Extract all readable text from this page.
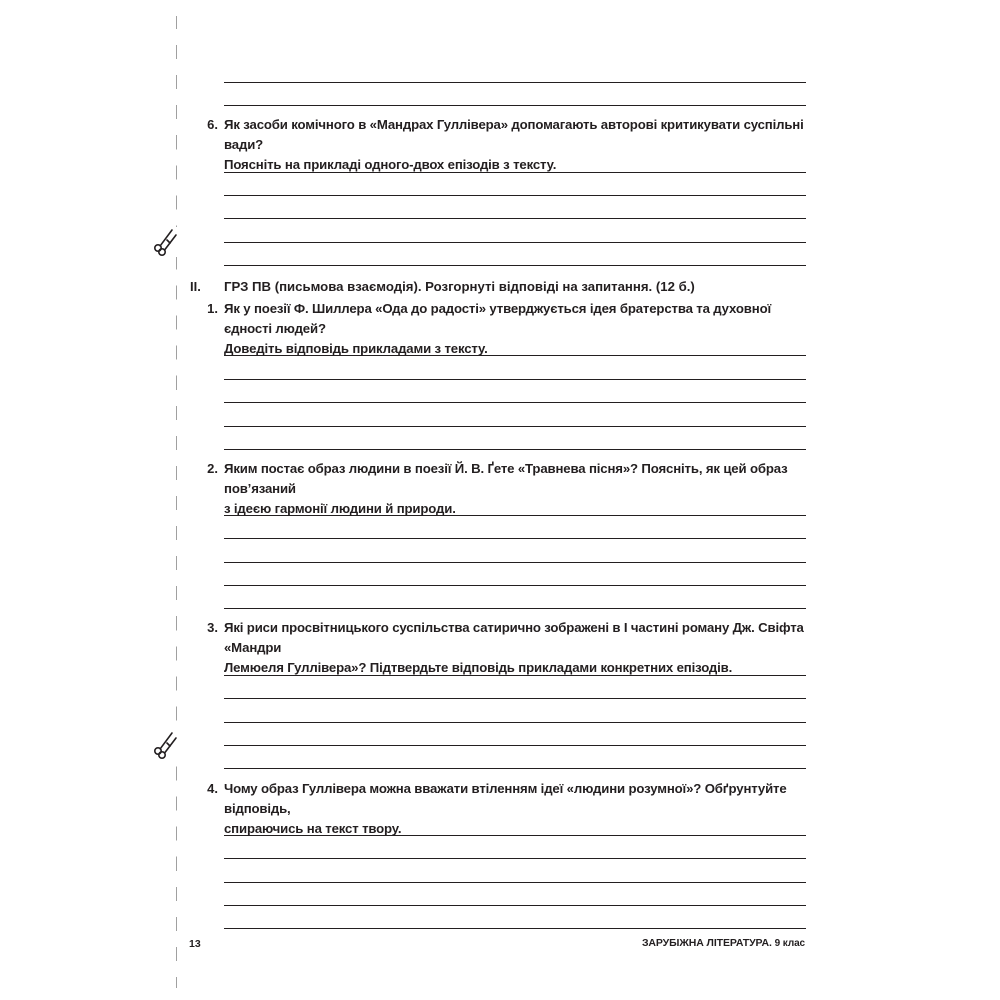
6. Як засоби комічного в «Мандрах Гуллівера» допомагають авторові критикувати суспільні вади?
Поясніть на прикладі одного-двох епізодів з тексту.
II. ГРЗ ПВ (письмова взаємодія). Розгорнуті відповіді на запитання. (12 б.)
1. Як у поезії Ф. Шиллера «Ода до радості» утверджується ідея братерства та духовної єдності людей?
Доведіть відповідь прикладами з тексту.
2. Яким постає образ людини в поезії Й. В. Ґете «Травнева пісня»? Поясніть, як цей образ пов’язаний
з ідеєю гармонії людини й природи.
3. Які риси просвітницького суспільства сатирично зображені в І частині роману Дж. Свіфта «Мандри
Лемюеля Гуллівера»? Підтвердьте відповідь прикладами конкретних епізодів.
4. Чому образ Гуллівера можна вважати втіленням ідеї «людини розумної»? Обґрунтуйте відповідь,
спираючись на текст твору.
13	ЗАРУБІЖНА ЛІТЕРАТУРА. 9 клас
